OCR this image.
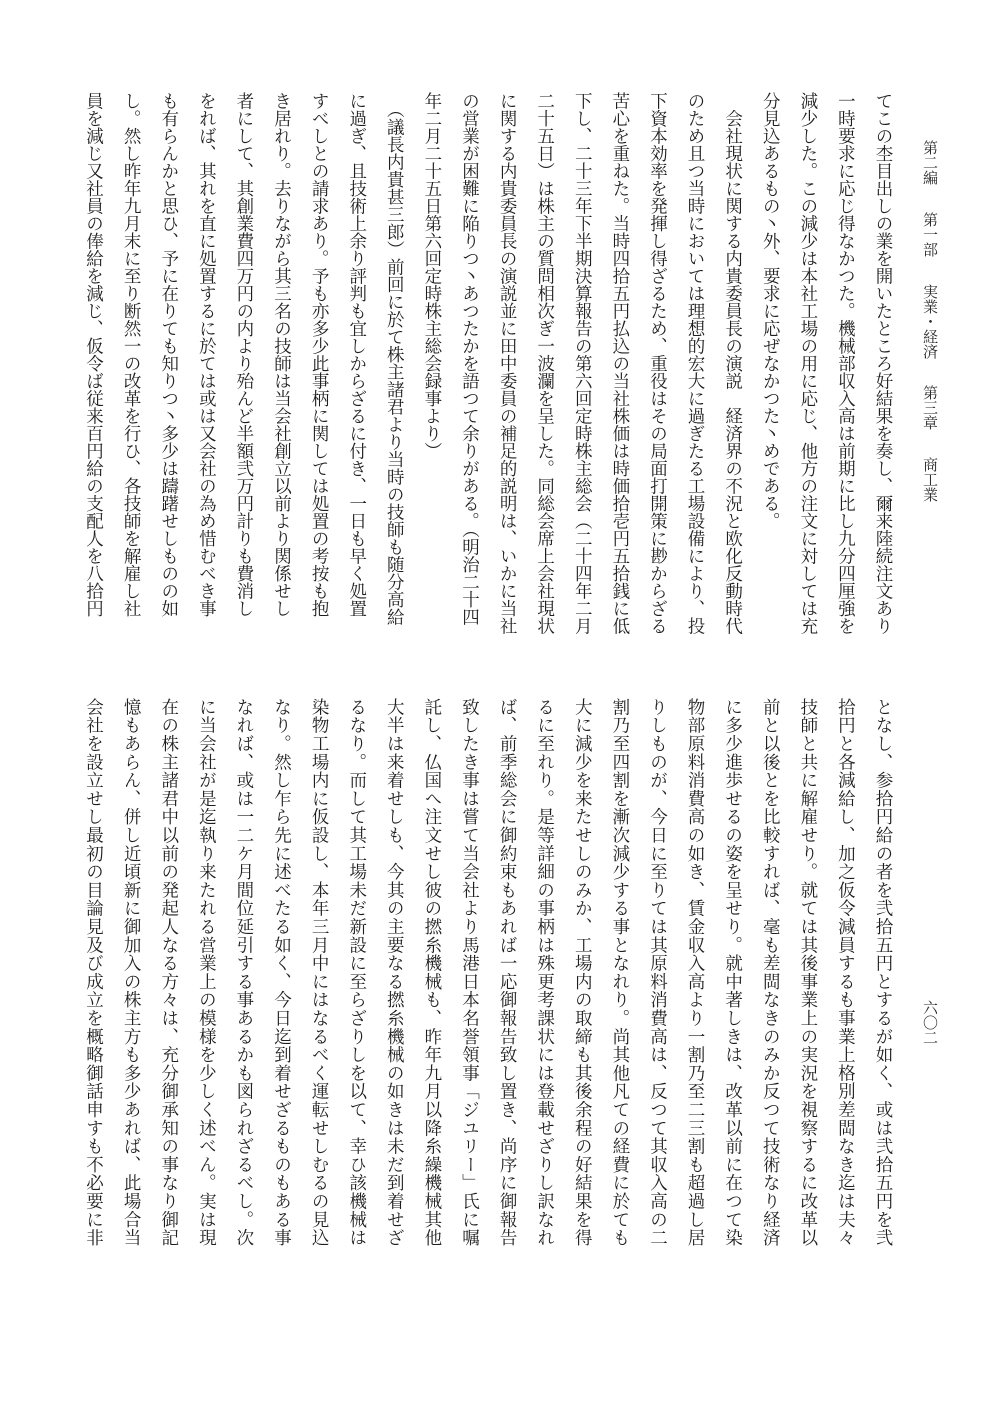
第二編 第一部 実業・経済 第三章 商工業
六〇二
てこの杢目出しの業を開いたところ好結果を奏し、爾来陸続注文あり
一時要求に応じ得なかつた。機械部収入高は前期に比し九分四厘強を
減少した。この減少は本社工場の用に応じ、他方の注文に対しては充
分見込あるもの丶外、要求に応ぜなかつた丶めである。
　会社現状に関する内貴委員長の演説　経済界の不況と欧化反動時代
のため且つ当時においては理想的宏大に過ぎたる工場設備により、投
下資本効率を発揮し得ざるため、重役はその局面打開策に尠からざる
苦心を重ねた。当時四拾五円払込の当社株価は時価拾壱円五拾銭に低
下し、二十三年下半期決算報告の第六回定時株主総会（二十四年二月
二十五日）は株主の質問相次ぎ一波瀾を呈した。同総会席上会社現状
に関する内貴委員長の演説並に田中委員の補足的説明は、いかに当社
の営業が困難に陥りつ丶あつたかを語つて余りがある。（明治二十四
年二月二十五日第六回定時株主総会録事より）
　（議長内貴甚三郎）前回に於て株主諸君より当時の技師も随分高給
に過ぎ、且技術上余り評判も宜しからざるに付き、一日も早く処置
すべしとの請求あり。予も亦多少此事柄に関しては処置の考按も抱
き居れり。去りながら其三名の技師は当会社創立以前より関係せし
者にして、其創業費四万円の内より殆んど半額弐万円計りも費消し
をれば、其れを直に処置するに於ては或は又会社の為め惜むべき事
も有らんかと思ひ、予に在りても知りつ丶多少は躊躇せしものの如
し。然し昨年九月末に至り断然一の改革を行ひ、各技師を解雇し社
員を減じ又社員の俸給を減じ、仮令ば従来百円給の支配人を八拾円
となし、参拾円給の者を弐拾五円とするが如く、或は弐拾五円を弐
拾円と各減給し、加之仮令減員するも事業上格別差閊なき迄は夫々
技師と共に解雇せり。就ては其後事業上の実況を視察するに改革以
前と以後とを比較すれば、毫も差閊なきのみか反つて技術なり経済
に多少進歩せるの姿を呈せり。就中著しきは、改革以前に在つて染
物部原料消費高の如き、賃金収入高より一割乃至二三割も超過し居
りしものが、今日に至りては其原料消費高は、反つて其収入高の二
割乃至四割を漸次減少する事となれり。尚其他凡ての経費に於ても
大に減少を来たせしのみか、工場内の取締も其後余程の好結果を得
るに至れり。是等詳細の事柄は殊更考課状には登載せざりし訳なれ
ば、前季総会に御約束もあれば一応御報告致し置き、尚序に御報告
致したき事は嘗て当会社より馬港日本名誉領事「ジユリー」氏に嘱
託し、仏国へ注文せし彼の撚糸機械も、昨年九月以降糸繰機械其他
大半は来着せしも、今其の主要なる撚糸機械の如きは未だ到着せざ
るなり。而して其工場未だ新設に至らざりしを以て、幸ひ該機械は
染物工場内に仮設し、本年三月中にはなるべく運転せしむるの見込
なり。然し乍ら先に述べたる如く、今日迄到着せざるものもある事
なれば、或は一二ケ月間位延引する事あるかも図られざるべし。次
に当会社が是迄執り来たれる営業上の模様を少しく述べん。実は現
在の株主諸君中以前の発起人なる方々は、充分御承知の事なり御記
憶もあらん、併し近頃新に御加入の株主方も多少あれば、此場合当
会社を設立せし最初の目論見及び成立を概略御話申すも不必要に非
